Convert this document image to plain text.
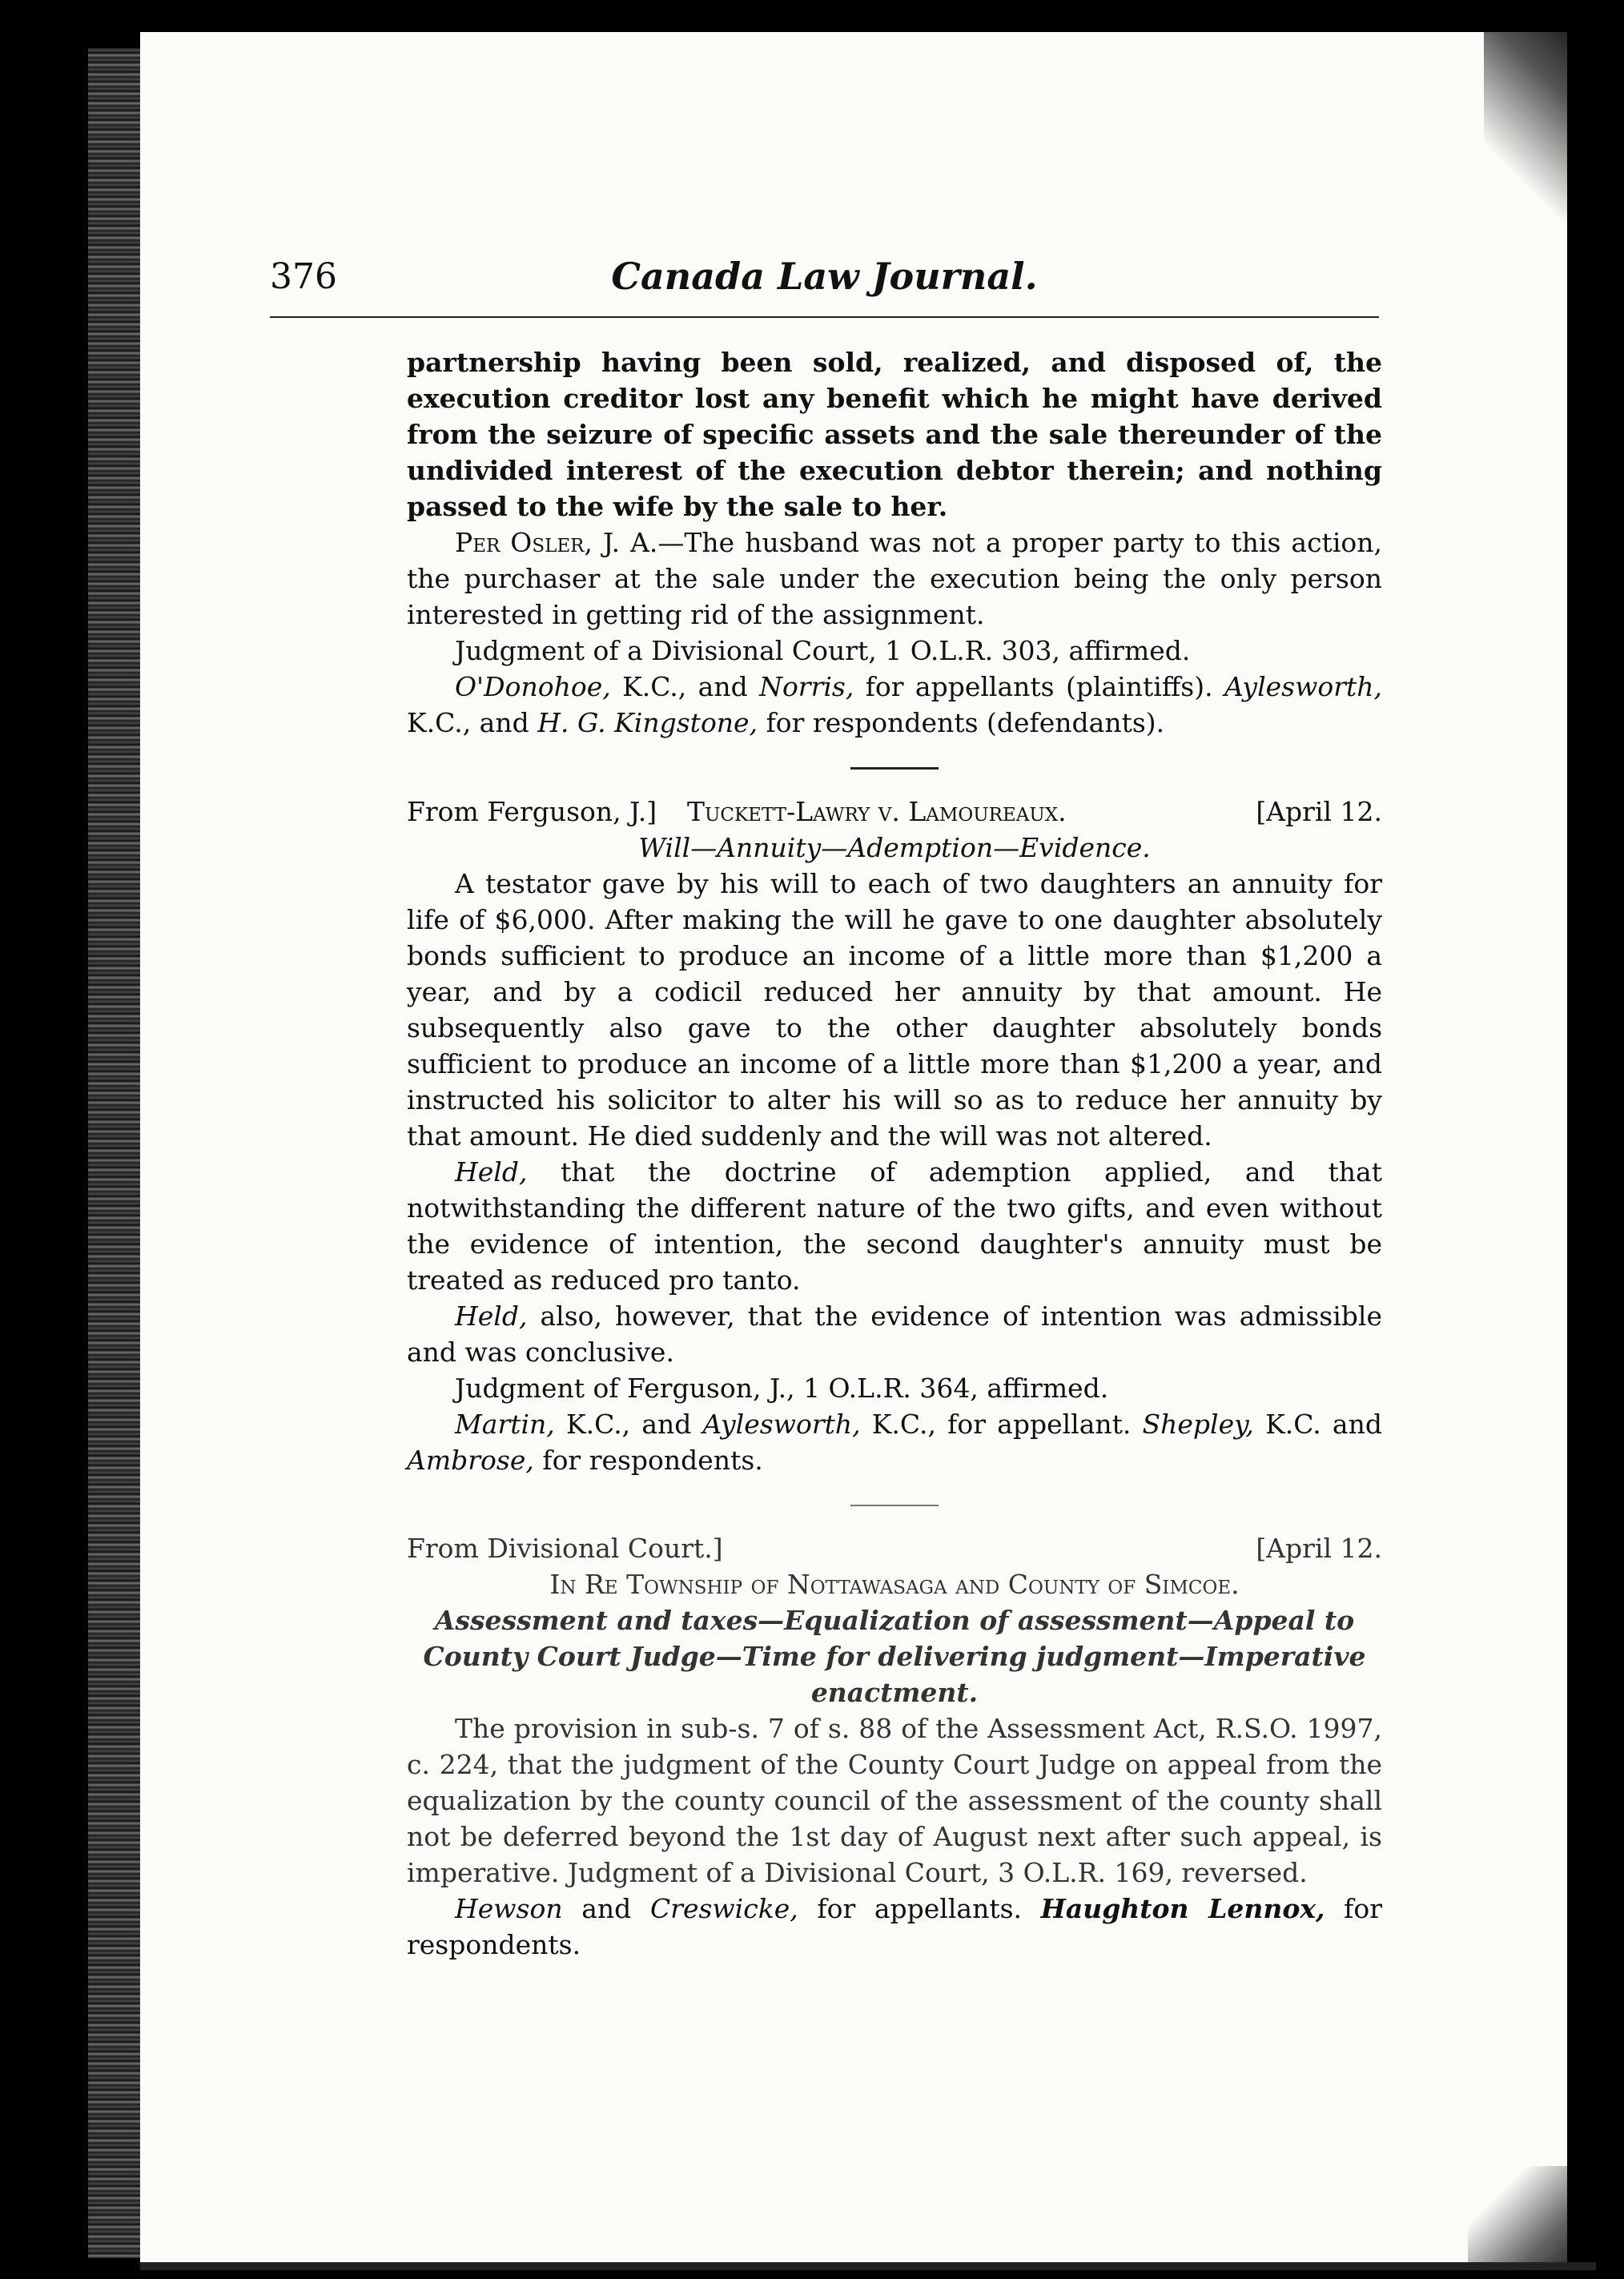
376	Canada Law Journal.

partnership having been sold, realized, and disposed of, the execution creditor lost any benefit which he might have derived from the seizure of specific assets and the sale thereunder of the undivided interest of the execution debtor therein; and nothing passed to the wife by the sale to her.

Per Osler, J. A.—The husband was not a proper party to this action, the purchaser at the sale under the execution being the only person interested in getting rid of the assignment.

Judgment of a Divisional Court, 1 O.L.R. 303, affirmed.

O'Donohoe, K.C., and Norris, for appellants (plaintiffs). Aylesworth, K.C., and H. G. Kingstone, for respondents (defendants).

From Ferguson, J.] Tuckett-Lawry v. Lamoureaux.	[April 12.

Will—Annuity—Ademption—Evidence.

A testator gave by his will to each of two daughters an annuity for life of $6,000. After making the will he gave to one daughter absolutely bonds sufficient to produce an income of a little more than $1,200 a year, and by a codicil reduced her annuity by that amount. He subsequently also gave to the other daughter absolutely bonds sufficient to produce an income of a little more than $1,200 a year, and instructed his solicitor to alter his will so as to reduce her annuity by that amount. He died suddenly and the will was not altered.

Held, that the doctrine of ademption applied, and that notwithstanding the different nature of the two gifts, and even without the evidence of intention, the second daughter's annuity must be treated as reduced pro tanto.

Held, also, however, that the evidence of intention was admissible and was conclusive.

Judgment of Ferguson, J., 1 O.L.R. 364, affirmed.

Martin, K.C., and Aylesworth, K.C., for appellant. Shepley, K.C. and Ambrose, for respondents.

From Divisional Court.]	[April 12.

In Re Township of Nottawasaga and County of Simcoe.

Assessment and taxes—Equalization of assessment—Appeal to County Court Judge—Time for delivering judgment—Imperative enactment.

The provision in sub-s. 7 of s. 88 of the Assessment Act, R.S.O. 1997, c. 224, that the judgment of the County Court Judge on appeal from the equalization by the county council of the assessment of the county shall not be deferred beyond the 1st day of August next after such appeal, is imperative. Judgment of a Divisional Court, 3 O.L.R. 169, reversed.

Hewson and Creswicke, for appellants. Haughton Lennox, for respondents.
